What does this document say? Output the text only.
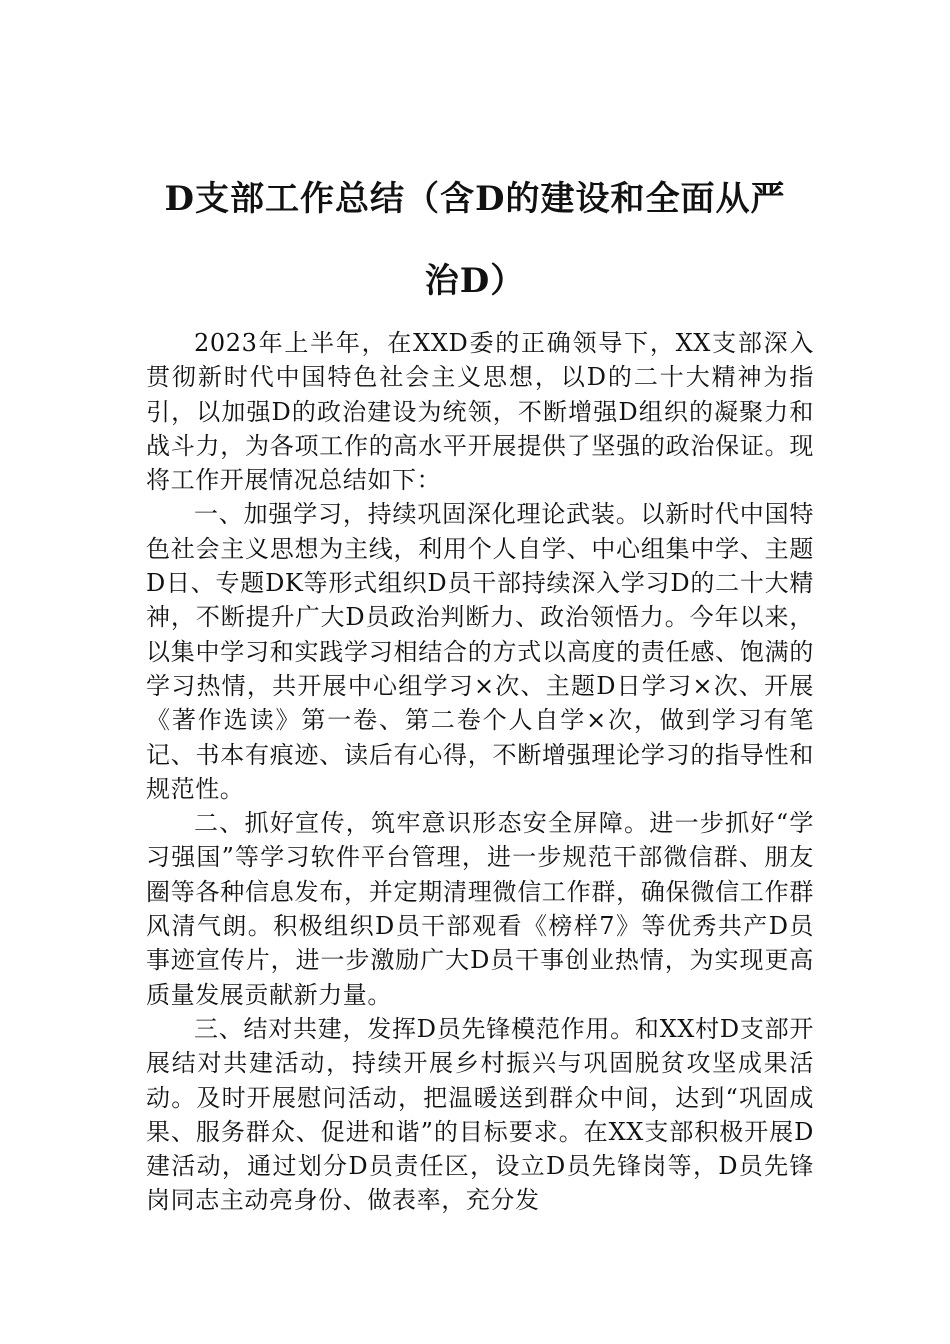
D支部工作总结（含D的建设和全面从严
治D）

2023年上半年，在XXD委的正确领导下，XX支部深入贯彻新时代中国特色社会主义思想，以D的二十大精神为指引，以加强D的政治建设为统领，不断增强D组织的凝聚力和战斗力，为各项工作的高水平开展提供了坚强的政治保证。现将工作开展情况总结如下：

一、加强学习，持续巩固深化理论武装。以新时代中国特色社会主义思想为主线，利用个人自学、中心组集中学、主题D日、专题DK等形式组织D员干部持续深入学习D的二十大精神，不断提升广大D员政治判断力、政治领悟力。今年以来，以集中学习和实践学习相结合的方式以高度的责任感、饱满的学习热情，共开展中心组学习×次、主题D日学习×次、开展《著作选读》第一卷、第二卷个人自学×次，做到学习有笔记、书本有痕迹、读后有心得，不断增强理论学习的指导性和规范性。

二、抓好宣传，筑牢意识形态安全屏障。进一步抓好“学习强国”等学习软件平台管理，进一步规范干部微信群、朋友圈等各种信息发布，并定期清理微信工作群，确保微信工作群风清气朗。积极组织D员干部观看《榜样7》等优秀共产D员事迹宣传片，进一步激励广大D员干事创业热情，为实现更高质量发展贡献新力量。

三、结对共建，发挥D员先锋模范作用。和XX村D支部开展结对共建活动，持续开展乡村振兴与巩固脱贫攻坚成果活动。及时开展慰问活动，把温暖送到群众中间，达到“巩固成果、服务群众、促进和谐”的目标要求。在XX支部积极开展D建活动，通过划分D员责任区，设立D员先锋岗等，D员先锋岗同志主动亮身份、做表率，充分发
